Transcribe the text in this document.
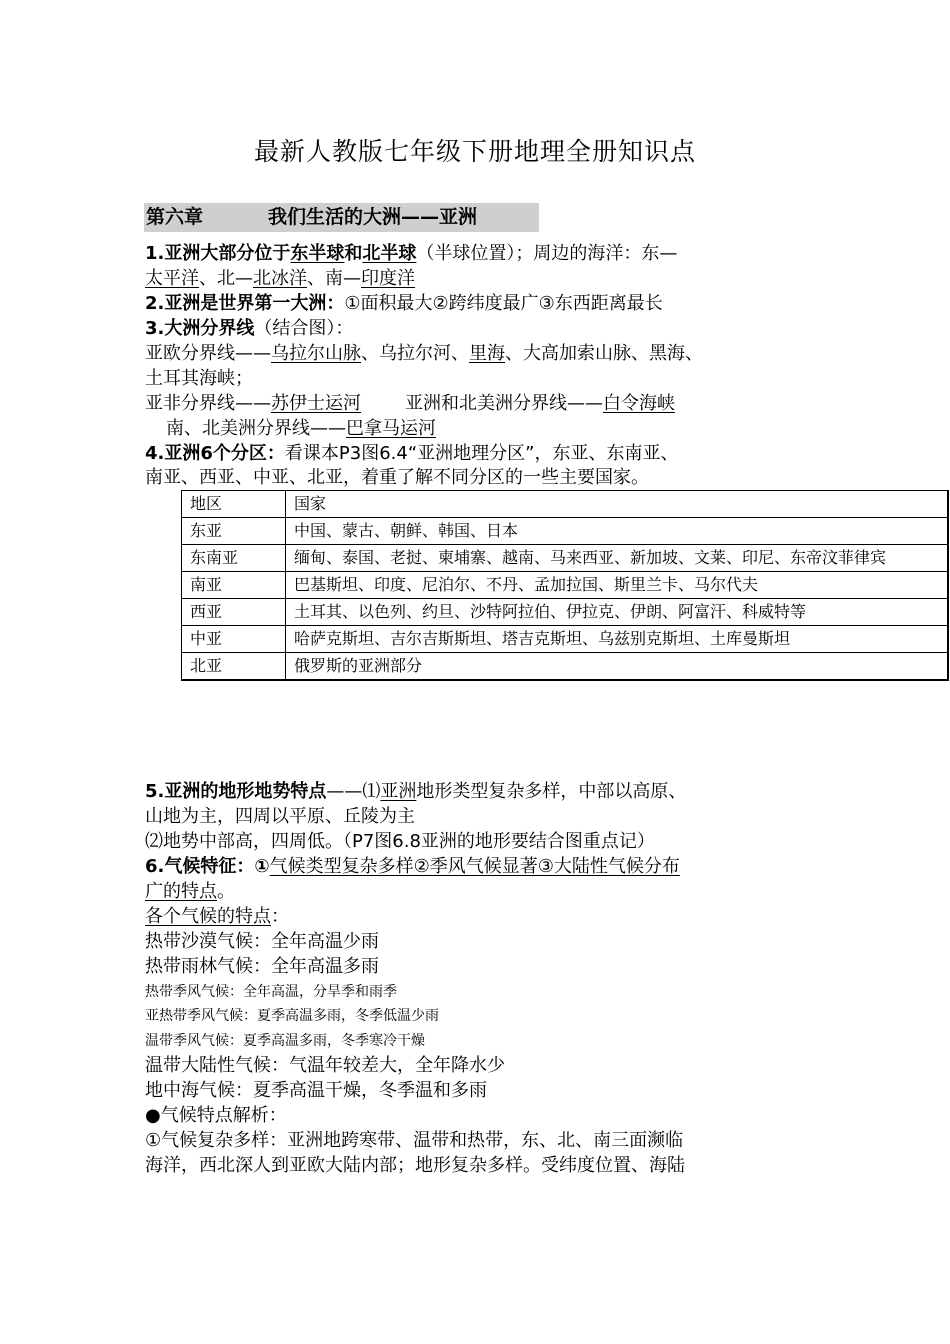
最新人教版七年级下册地理全册知识点
第六章	我们生活的大洲——亚洲
1.亚洲大部分位于东半球和北半球（半球位置）；周边的海洋：东—
太平洋、北—北冰洋、南—印度洋
2.亚洲是世界第一大洲：①面积最大②跨纬度最广③东西距离最长
3.大洲分界线（结合图）：
亚欧分界线——乌拉尔山脉、乌拉尔河、里海、大高加索山脉、黑海、
土耳其海峡；
亚非分界线——苏伊士运河 亚洲和北美洲分界线——白令海峡
南、北美洲分界线——巴拿马运河
4.亚洲6个分区：看课本P3图6.4“亚洲地理分区”，东亚、东南亚、
南亚、西亚、中亚、北亚，着重了解不同分区的一些主要国家。
地区	国家
东亚	中国、蒙古、朝鲜、韩国、日本
东南亚	缅甸、泰国、老挝、柬埔寨、越南、马来西亚、新加坡、文莱、印尼、东帝汶菲律宾
南亚	巴基斯坦、印度、尼泊尔、不丹、孟加拉国、斯里兰卡、马尔代夫
西亚	土耳其、以色列、约旦、沙特阿拉伯、伊拉克、伊朗、阿富汗、科威特等
中亚	哈萨克斯坦、吉尔吉斯斯坦、塔吉克斯坦、乌兹别克斯坦、土库曼斯坦
北亚	俄罗斯的亚洲部分
5.亚洲的地形地势特点——⑴亚洲地形类型复杂多样，中部以高原、
山地为主，四周以平原、丘陵为主
⑵地势中部高，四周低。（P7图6.8亚洲的地形要结合图重点记）
6.气候特征：①气候类型复杂多样②季风气候显著③大陆性气候分布
广的特点。
各个气候的特点：
热带沙漠气候：全年高温少雨
热带雨林气候：全年高温多雨
热带季风气候：全年高温，分旱季和雨季
亚热带季风气候：夏季高温多雨，冬季低温少雨
温带季风气候：夏季高温多雨，冬季寒冷干燥
温带大陆性气候：气温年较差大，全年降水少
地中海气候：夏季高温干燥，冬季温和多雨
●气候特点解析：
①气候复杂多样：亚洲地跨寒带、温带和热带，东、北、南三面濒临
海洋，西北深人到亚欧大陆内部；地形复杂多样。受纬度位置、海陆
